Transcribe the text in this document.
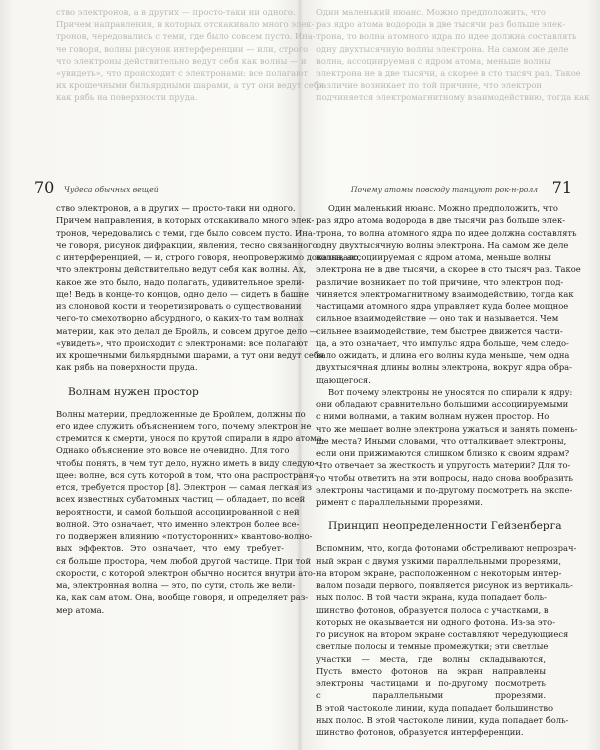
ство электронов, а в других — просто-таки ни одного.
Причем направления, в которых отскакивало много элек-
тронов, чередовались с теми, где было совсем пусто. Ина-
че говоря, волны рисунок интерференции — или, строго
что электроны действительно ведут себя как волны — и
«увидеть», что происходит с электронами: все полагают
их крошечными бильярдными шарами, а тут они ведут себя
как рябь на поверхности пруда.
70 Чудеса обычных вещей
ство электронов, а в других — просто-таки ни одного.
Причем направления, в которых отскакивало много элек-
тронов, чередовались с теми, где было совсем пусто. Ина-
че говоря, рисунок дифракции, явления, тесно связанного
с интерференцией, — и, строго говоря, неопровержимо доказывало,
что электроны действительно ведут себя как волны. Ах,
какое же это было, надо полагать, удивительное зрели-
ще! Ведь в конце-то концов, одно дело — сидеть в башне
из слоновой кости и теоретизировать о существовании
чего-то смехотворно абсурдного, о каких-то там волнах
материи, как это делал де Бройль, и совсем другое дело —
«увидеть», что происходит с электронами: все полагают
их крошечными бильярдными шарами, а тут они ведут себя
как рябь на поверхности пруда.
Волнам нужен простор
Волны материи, предложенные де Бройлем, должны по
его идее служить объяснением того, почему электрон не
стремится к смерти, унося по крутой спирали в ядро атома.
Однако объяснение это вовсе не очевидно. Для того
чтобы понять, в чем тут дело, нужно иметь в виду следую-
щее: волне, вся суть которой в том, что она распространя-
ется, требуется простор [8]. Электрон — самая легкая из
всех известных субатомных частиц — обладает, по всей
вероятности, и самой большой ассоциированной с ней
волной. Это означает, что именно электрон более все-
го подвержен влиянию «потусторонних» квантово-волно-
вых эффектов. Это означает, что ему требует-
ся больше простора, чем любой другой частице. При той
скорости, с которой электрон обычно носится внутри ато-
ма, электронная волна — это, по сути, столь же вели-
ка, как сам атом. Она, вообще говоря, и определяет раз-
мер атома.
Один маленький нюанс. Можно предположить, что
раз ядро атома водорода в две тысячи раз больше элек-
трона, то волна атомного ядра по идее должна составлять
одну двухтысячную волны электрона. На самом же деле
волна, ассоциируемая с ядром атома, меньше волны
электрона не в две тысячи, а скорее в сто тысяч раз. Такое
различие возникает по той причине, что электрон
подчиняется электромагнитному взаимодействию, тогда как
Почему атомы повсюду танцуют рок-н-ролл 71
Один маленький нюанс. Можно предположить, что
раз ядро атома водорода в две тысячи раз больше элек-
трона, то волна атомного ядра по идее должна составлять
одну двухтысячную волны электрона. На самом же деле
волна, ассоциируемая с ядром атома, меньше волны
электрона не в две тысячи, а скорее в сто тысяч раз. Такое
различие возникает по той причине, что электрон под-
чиняется электромагнитному взаимодействию, тогда как
частицами атомного ядра управляет куда более мощное
сильное взаимодействие — оно так и называется. Чем
сильнее взаимодействие, тем быстрее движется части-
ца, а это означает, что импульс ядра больше, чем следо-
вало ожидать, и длина его волны куда меньше, чем одна
двухтысячная длины волны электрона, вокруг ядра обра-
щающегося.
Вот почему электроны не уносятся по спирали к ядру:
они обладают сравнительно большими ассоциируемыми
с ними волнами, а таким волнам нужен простор. Но
что же мешает волне электрона ужаться и занять помень-
ше места? Иными словами, что отталкивает электроны,
если они прижимаются слишком близко к своим ядрам?
Что отвечает за жесткость и упругость материи? Для то-
го чтобы ответить на эти вопросы, надо снова вообразить
электроны частицами и по-другому посмотреть на экспе-
римент с параллельными прорезями.
Принцип неопределенности Гейзенберга
Вспомним, что, когда фотонами обстреливают непрозрач-
ный экран с двумя узкими параллельными прорезями,
на втором экране, расположенном с некоторым интер-
валом позади первого, появляется рисунок из вертикаль-
ных полос. В той части экрана, куда попадает боль-
шинство фотонов, образуется полоса с участками, в
которых не оказывается ни одного фотона. Из-за это-
го рисунок на втором экране составляют чередующиеся
светлые полосы и темные промежутки; эти светлые
участки — места, где волны складываются,
Пусть вместо фотонов на экран направлены
электроны частицами и по-другому посмотреть
с параллельными прорезями.
В этой частоколе линии, куда попадает большинство
ных полос. В этой частоколе линии, куда попадает боль-
шинство фотонов, образуется интерференции.
